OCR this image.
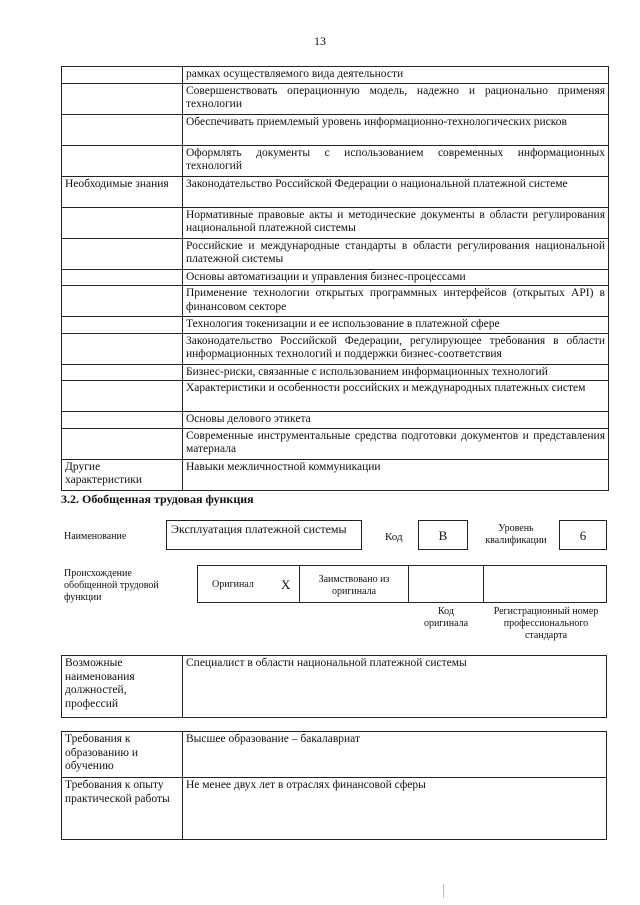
13
	рамках осуществляемого вида деятельности
	Совершенствовать операционную модель, надежно и рационально применяя технологии
	Обеспечивать приемлемый уровень информационно-технологических рисков
	Оформлять документы с использованием современных информационных технологий
Необходимые знания	Законодательство Российской Федерации о национальной платежной системе
	Нормативные правовые акты и методические документы в области регулирования национальной платежной системы
	Российские и международные стандарты в области регулирования национальной платежной системы
	Основы автоматизации и управления бизнес-процессами
	Применение технологии открытых программных интерфейсов (открытых API) в финансовом секторе
	Технология токенизации и ее использование в платежной сфере
	Законодательство Российской Федерации, регулирующее требования в области информационных технологий и поддержки бизнес-соответствия
	Бизнес-риски, связанные с использованием информационных технологий
	Характеристики и особенности российских и международных платежных систем
	Основы делового этикета
	Современные инструментальные средства подготовки документов и представления материала
Другие характеристики	Навыки межличностной коммуникации
3.2. Обобщенная трудовая функция
Наименование
Эксплуатация платежной системы
Код	B	Уровень квалификации	6
Происхождение обобщенной трудовой функции
Оригинал X	Заимствовано из оригинала
Код оригинала
Регистрационный номер профессионального стандарта
Возможные наименования должностей, профессий	Специалист в области национальной платежной системы
Требования к образованию и обучению	Высшее образование – бакалавриат
Требования к опыту практической работы	Не менее двух лет в отраслях финансовой сферы
